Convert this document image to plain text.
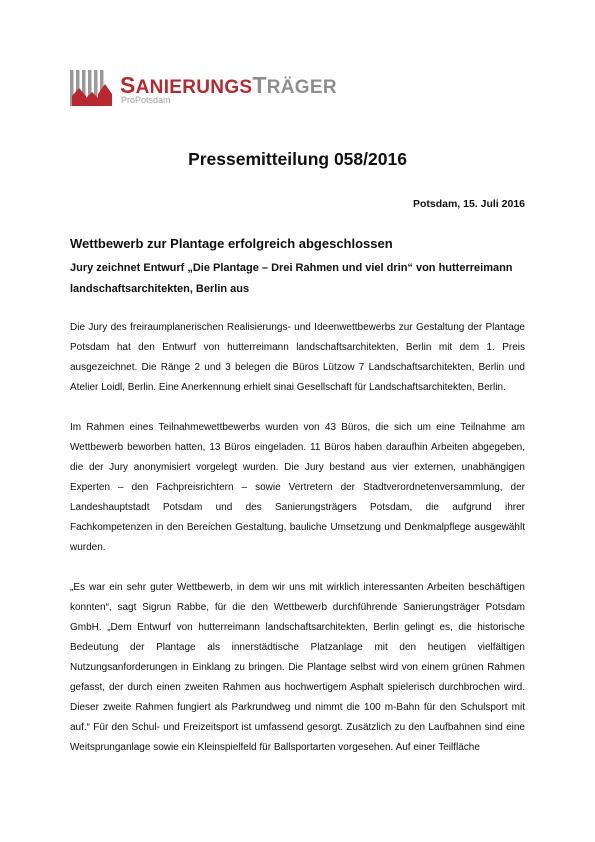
SANIERUNGSTRÄGER
ProPotsdam
Pressemitteilung 058/2016
Potsdam, 15. Juli 2016
Wettbewerb zur Plantage erfolgreich abgeschlossen
Jury zeichnet Entwurf „Die Plantage – Drei Rahmen und viel drin“ von hutterreimann landschaftsarchitekten, Berlin aus

Die Jury des freiraumplanerischen Realisierungs- und Ideenwettbewerbs zur Gestaltung der Plantage Potsdam hat den Entwurf von hutterreimann landschaftsarchitekten, Berlin mit dem 1. Preis ausgezeichnet. Die Ränge 2 und 3 belegen die Büros Lützow 7 Landschaftsarchitekten, Berlin und Atelier Loidl, Berlin. Eine Anerkennung erhielt sinai Gesellschaft für Landschaftsarchitekten, Berlin.

Im Rahmen eines Teilnahmewettbewerbs wurden von 43 Büros, die sich um eine Teilnahme am Wettbewerb beworben hatten, 13 Büros eingeladen. 11 Büros haben daraufhin Arbeiten abgegeben, die der Jury anonymisiert vorgelegt wurden. Die Jury bestand aus vier externen, unabhängigen Experten – den Fachpreisrichtern – sowie Vertretern der Stadtverordnetenversammlung, der Landeshauptstadt Potsdam und des Sanierungsträgers Potsdam, die aufgrund ihrer Fachkompetenzen in den Bereichen Gestaltung, bauliche Umsetzung und Denkmalpflege ausgewählt wurden.

„Es war ein sehr guter Wettbewerb, in dem wir uns mit wirklich interessanten Arbeiten beschäftigen konnten“, sagt Sigrun Rabbe, für die den Wettbewerb durchführende Sanierungsträger Potsdam GmbH. „Dem Entwurf von hutterreimann landschaftsarchitekten, Berlin gelingt es, die historische Bedeutung der Plantage als innerstädtische Platzanlage mit den heutigen vielfältigen Nutzungsanforderungen in Einklang zu bringen. Die Plantage selbst wird von einem grünen Rahmen gefasst, der durch einen zweiten Rahmen aus hochwertigem Asphalt spielerisch durchbrochen wird. Dieser zweite Rahmen fungiert als Parkrundweg und nimmt die 100 m-Bahn für den Schulsport mit auf.“ Für den Schul- und Freizeitsport ist umfassend gesorgt. Zusätzlich zu den Laufbahnen sind eine Weitsprunganlage sowie ein Kleinspielfeld für Ballsportarten vorgesehen. Auf einer Teilfläche
